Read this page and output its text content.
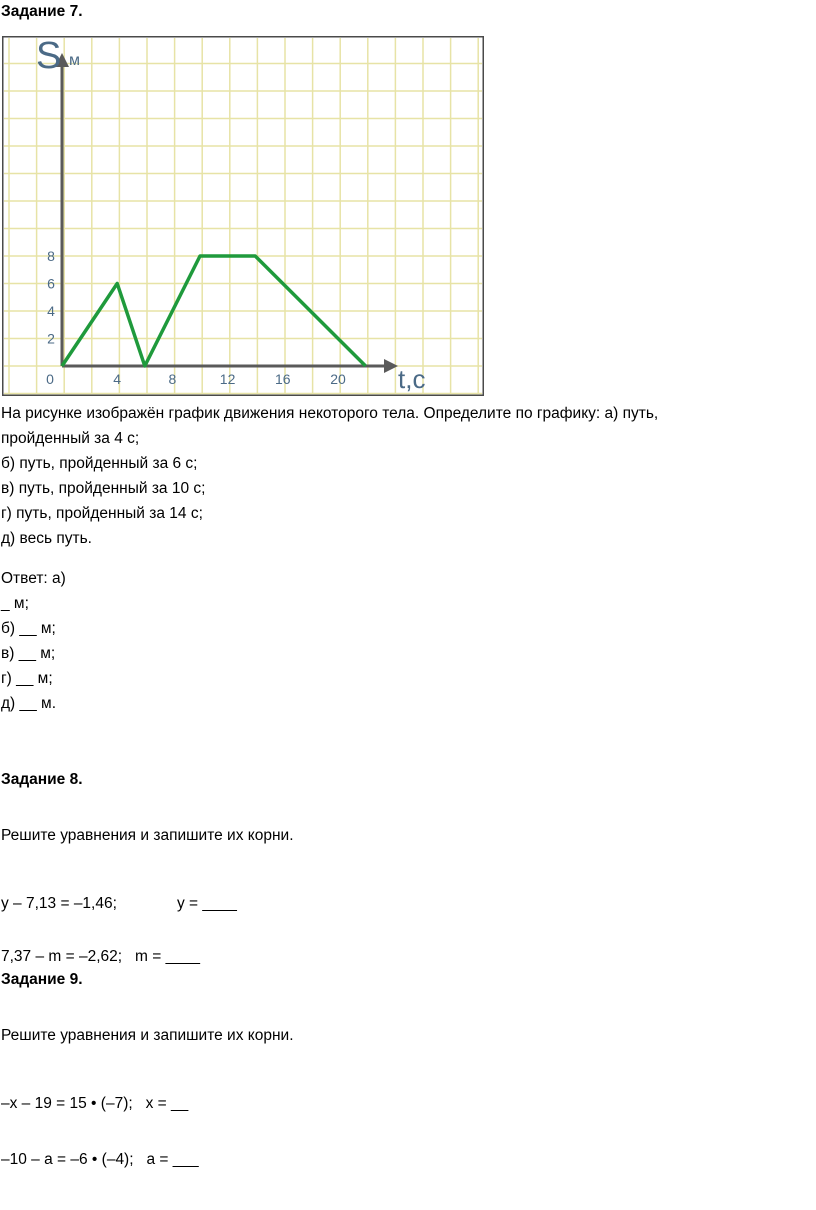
Задание 7.
S м
t,с
0	4	8	12	16	20
2
4
6
8
На рисунке изображён график движения некоторого тела. Определите по графику: а) путь,
пройденный за 4 с;
б) путь, пройденный за 6 с;
в) путь, пройденный за 10 с;
г) путь, пройденный за 14 с;
д) весь путь.
Ответ: а)
_ м;
б) __ м;
в) __ м;
г) __ м;
д) __ м.
Задание 8.
Решите уравнения и запишите их корни.
y – 7,13 = –1,46;	y = ____
7,37 – m = –2,62;   m = ____
Задание 9.
Решите уравнения и запишите их корни.
–x – 19 = 15 • (–7);   x = __
–10 – a = –6 • (–4);   a = ___
